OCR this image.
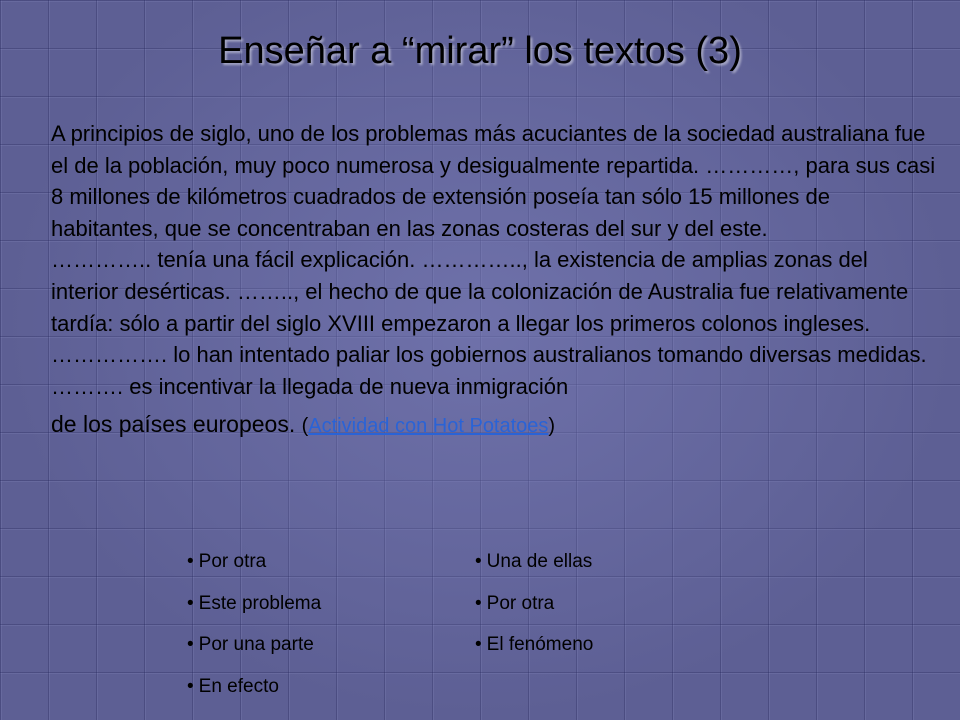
Enseñar a “mirar” los textos (3)

A principios de siglo, uno de los problemas más acuciantes de la sociedad australiana fue el de la población, muy poco numerosa y desigualmente repartida. …………, para sus casi 8 millones de kilómetros cuadrados de extensión poseía tan sólo 15 millones de habitantes, que se concentraban en las zonas costeras del sur y del este.

………….. tenía una fácil explicación. ………….., la existencia de amplias zonas del interior desérticas. …….., el hecho de que la colonización de Australia fue relativamente tardía: sólo a partir del siglo XVIII empezaron a llegar los primeros colonos ingleses.

……………. lo han intentado paliar los gobiernos australianos tomando diversas medidas. ………. es incentivar la llegada de nueva inmigración

de los países europeos. (Actividad con Hot Potatoes)

• Por otra
• Este problema
• Por una parte
• En efecto
• Una de ellas
• Por otra
• El fenómeno
